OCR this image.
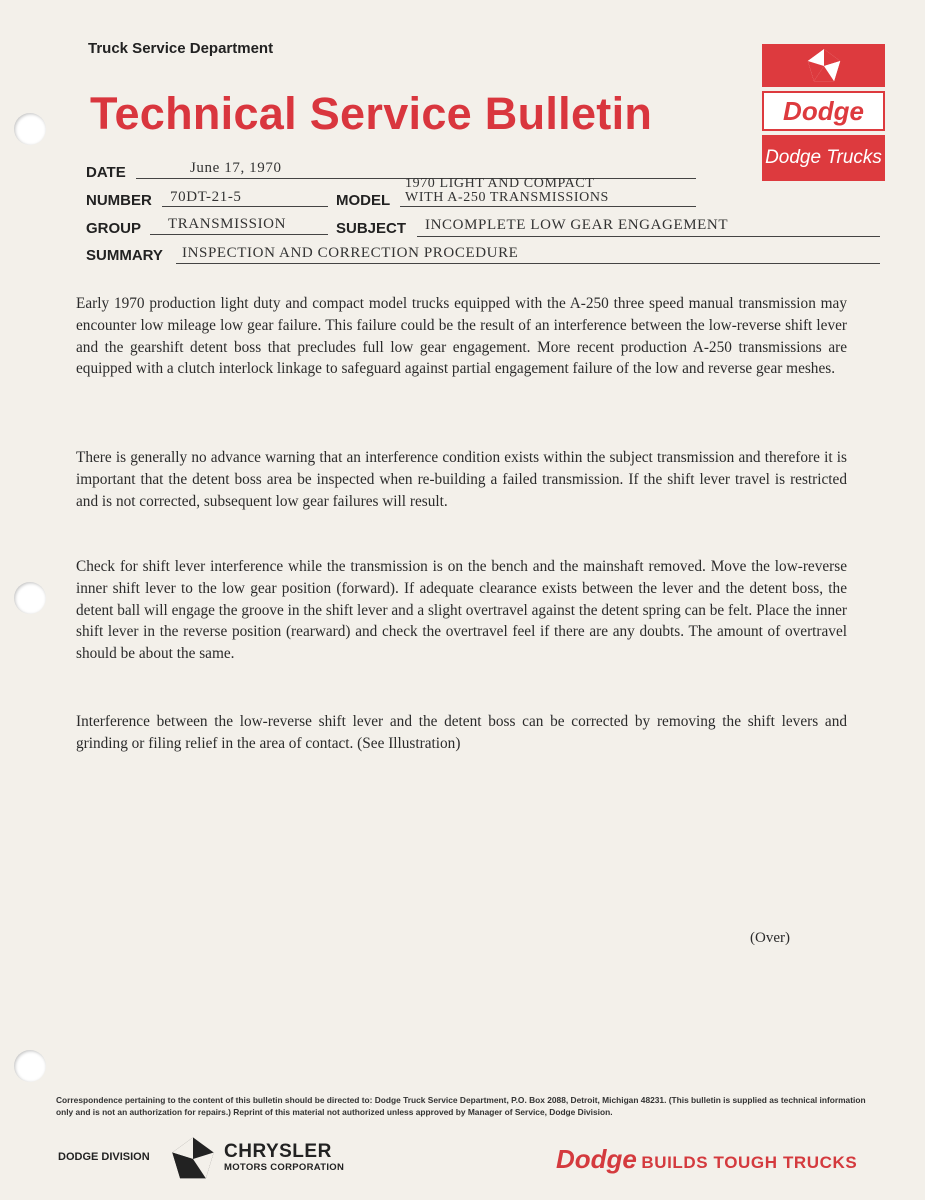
Truck Service Department
Technical Service Bulletin	Dodge
Dodge Trucks
DATE	June 17, 1970
NUMBER 70DT-21-5	MODEL
1970 LIGHT AND COMPACT
WITH A-250 TRANSMISSIONS
GROUP TRANSMISSION	SUBJECT INCOMPLETE LOW GEAR ENGAGEMENT
SUMMARY INSPECTION AND CORRECTION PROCEDURE
Early 1970 production light duty and compact model trucks equipped with the A-250 three speed manual transmission may encounter low mileage low gear failure. This failure could be the result of an interference between the low-reverse shift lever and the gearshift detent boss that precludes full low gear engagement. More recent production A-250 transmissions are equipped with a clutch interlock linkage to safeguard against partial engagement failure of the low and reverse gear meshes.
There is generally no advance warning that an interference condition exists within the subject transmission and therefore it is important that the detent boss area be inspected when re-building a failed transmission. If the shift lever travel is restricted and is not corrected, subsequent low gear failures will result.
Check for shift lever interference while the transmission is on the bench and the mainshaft removed. Move the low-reverse inner shift lever to the low gear position (forward). If adequate clearance exists between the lever and the detent boss, the detent ball will engage the groove in the shift lever and a slight overtravel against the detent spring can be felt. Place the inner shift lever in the reverse position (rearward) and check the overtravel feel if there are any doubts. The amount of overtravel should be about the same.
Interference between the low-reverse shift lever and the detent boss can be corrected by removing the shift levers and grinding or filing relief in the area of contact. (See Illustration)
(Over)
Correspondence pertaining to the content of this bulletin should be directed to: Dodge Truck Service Department, P.O. Box 2088, Detroit, Michigan 48231. (This bulletin is supplied as technical information only and is not an authorization for repairs.) Reprint of this material not authorized unless approved by Manager of Service, Dodge Division.
DODGE DIVISION	CHRYSLER
MOTORS CORPORATION	Dodge BUILDS TOUGH TRUCKS
